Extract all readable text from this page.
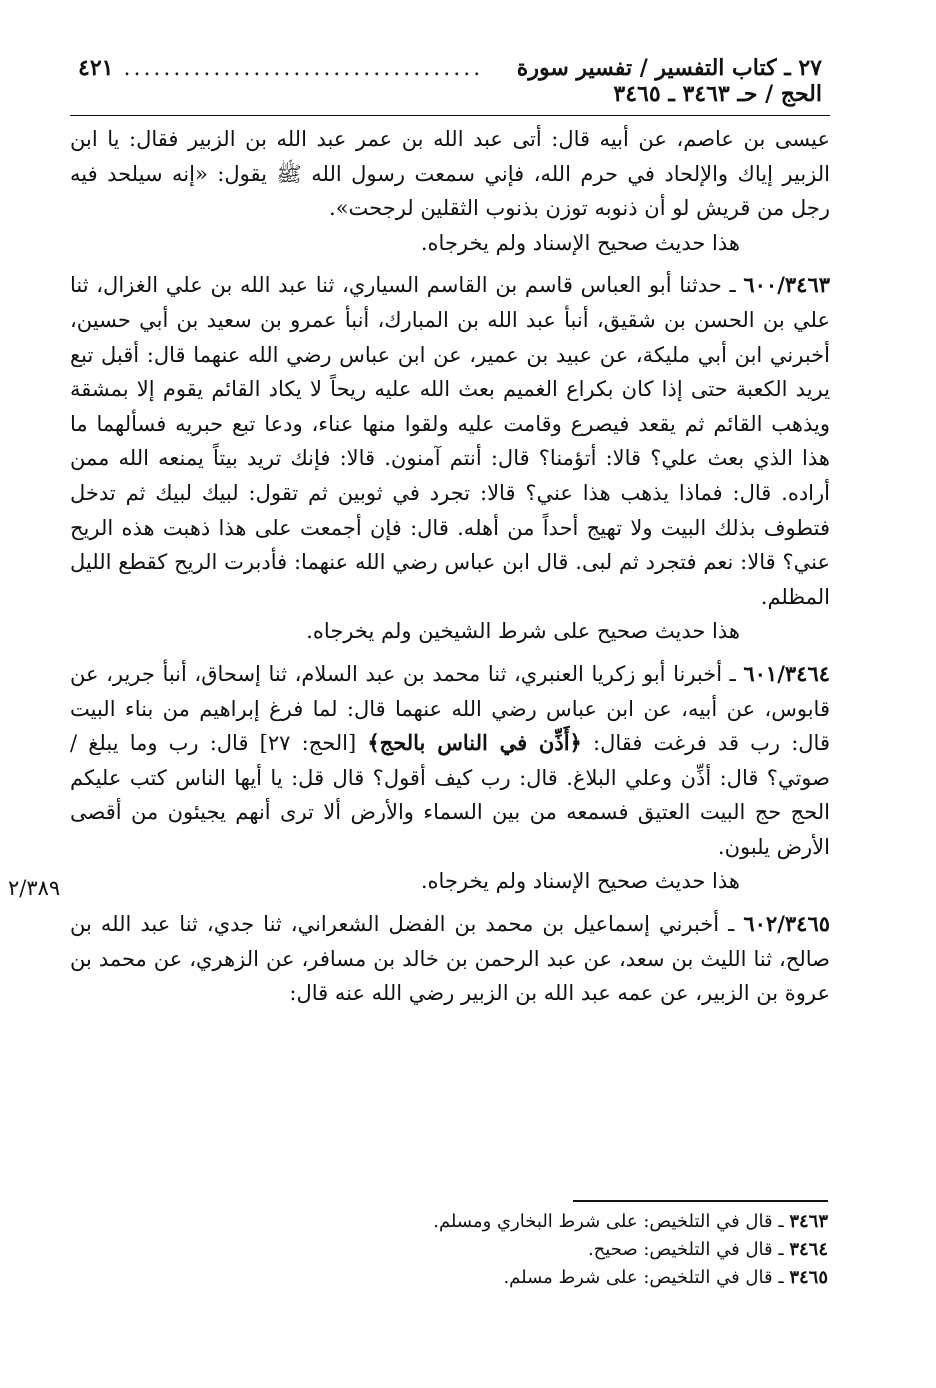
٢٧ ـ كتاب التفسير / تفسير سورة الحج / حـ ٣٤٦٣ ـ ٣٤٦٥
....................................
٤٢١

عيسى بن عاصم، عن أبيه قال: أتى عبد الله بن عمر عبد الله بن الزبير فقال: يا ابن الزبير إياك والإلحاد في حرم الله، فإني سمعت رسول الله ﷺ يقول: «إنه سيلحد فيه رجل من قريش لو أن ذنوبه توزن بذنوب الثقلين لرجحت».

هذا حديث صحيح الإسناد ولم يخرجاه.

٦٠٠/٣٤٦٣ ـ حدثنا أبو العباس قاسم بن القاسم السياري، ثنا عبد الله بن علي الغزال، ثنا علي بن الحسن بن شقيق، أنبأ عبد الله بن المبارك، أنبأ عمرو بن سعيد بن أبي حسين، أخبرني ابن أبي مليكة، عن عبيد بن عمير، عن ابن عباس رضي الله عنهما قال: أقبل تبع يريد الكعبة حتى إذا كان بكراع الغميم بعث الله عليه ريحاً لا يكاد القائم يقوم إلا بمشقة ويذهب القائم ثم يقعد فيصرع وقامت عليه ولقوا منها عناء، ودعا تبع حبريه فسألهما ما هذا الذي بعث علي؟ قالا: أتؤمنا؟ قال: أنتم آمنون. قالا: فإنك تريد بيتاً يمنعه الله ممن أراده. قال: فماذا يذهب هذا عني؟ قالا: تجرد في ثوبين ثم تقول: لبيك لبيك ثم تدخل فتطوف بذلك البيت ولا تهيج أحداً من أهله. قال: فإن أجمعت على هذا ذهبت هذه الريح عني؟ قالا: نعم فتجرد ثم لبى. قال ابن عباس رضي الله عنهما: فأدبرت الريح كقطع الليل المظلم.

هذا حديث صحيح على شرط الشيخين ولم يخرجاه.

٦٠١/٣٤٦٤ ـ أخبرنا أبو زكريا العنبري، ثنا محمد بن عبد السلام، ثنا إسحاق، أنبأ جرير، عن قابوس، عن أبيه، عن ابن عباس رضي الله عنهما قال: لما فرغ إبراهيم من بناء البيت قال: رب قد فرغت فقال: ﴿أَذِّن في الناس بالحج﴾ [الحج: ٢٧] قال: رب وما يبلغ / صوتي؟ قال: أذِّن وعلي البلاغ. قال: رب كيف أقول؟ قال قل: يا أيها الناس كتب عليكم الحج حج البيت العتيق فسمعه من بين السماء والأرض ألا ترى أنهم يجيئون من أقصى الأرض يلبون.

هذا حديث صحيح الإسناد ولم يخرجاه.

٦٠٢/٣٤٦٥ ـ أخبرني إسماعيل بن محمد بن الفضل الشعراني، ثنا جدي، ثنا عبد الله بن صالح، ثنا الليث بن سعد، عن عبد الرحمن بن خالد بن مسافر، عن الزهري، عن محمد بن عروة بن الزبير، عن عمه عبد الله بن الزبير رضي الله عنه قال:

٢/٣٨٩
٣٤٦٣ ـ قال في التلخيص: على شرط البخاري ومسلم.
٣٤٦٤ ـ قال في التلخيص: صحيح.
٣٤٦٥ ـ قال في التلخيص: على شرط مسلم.
